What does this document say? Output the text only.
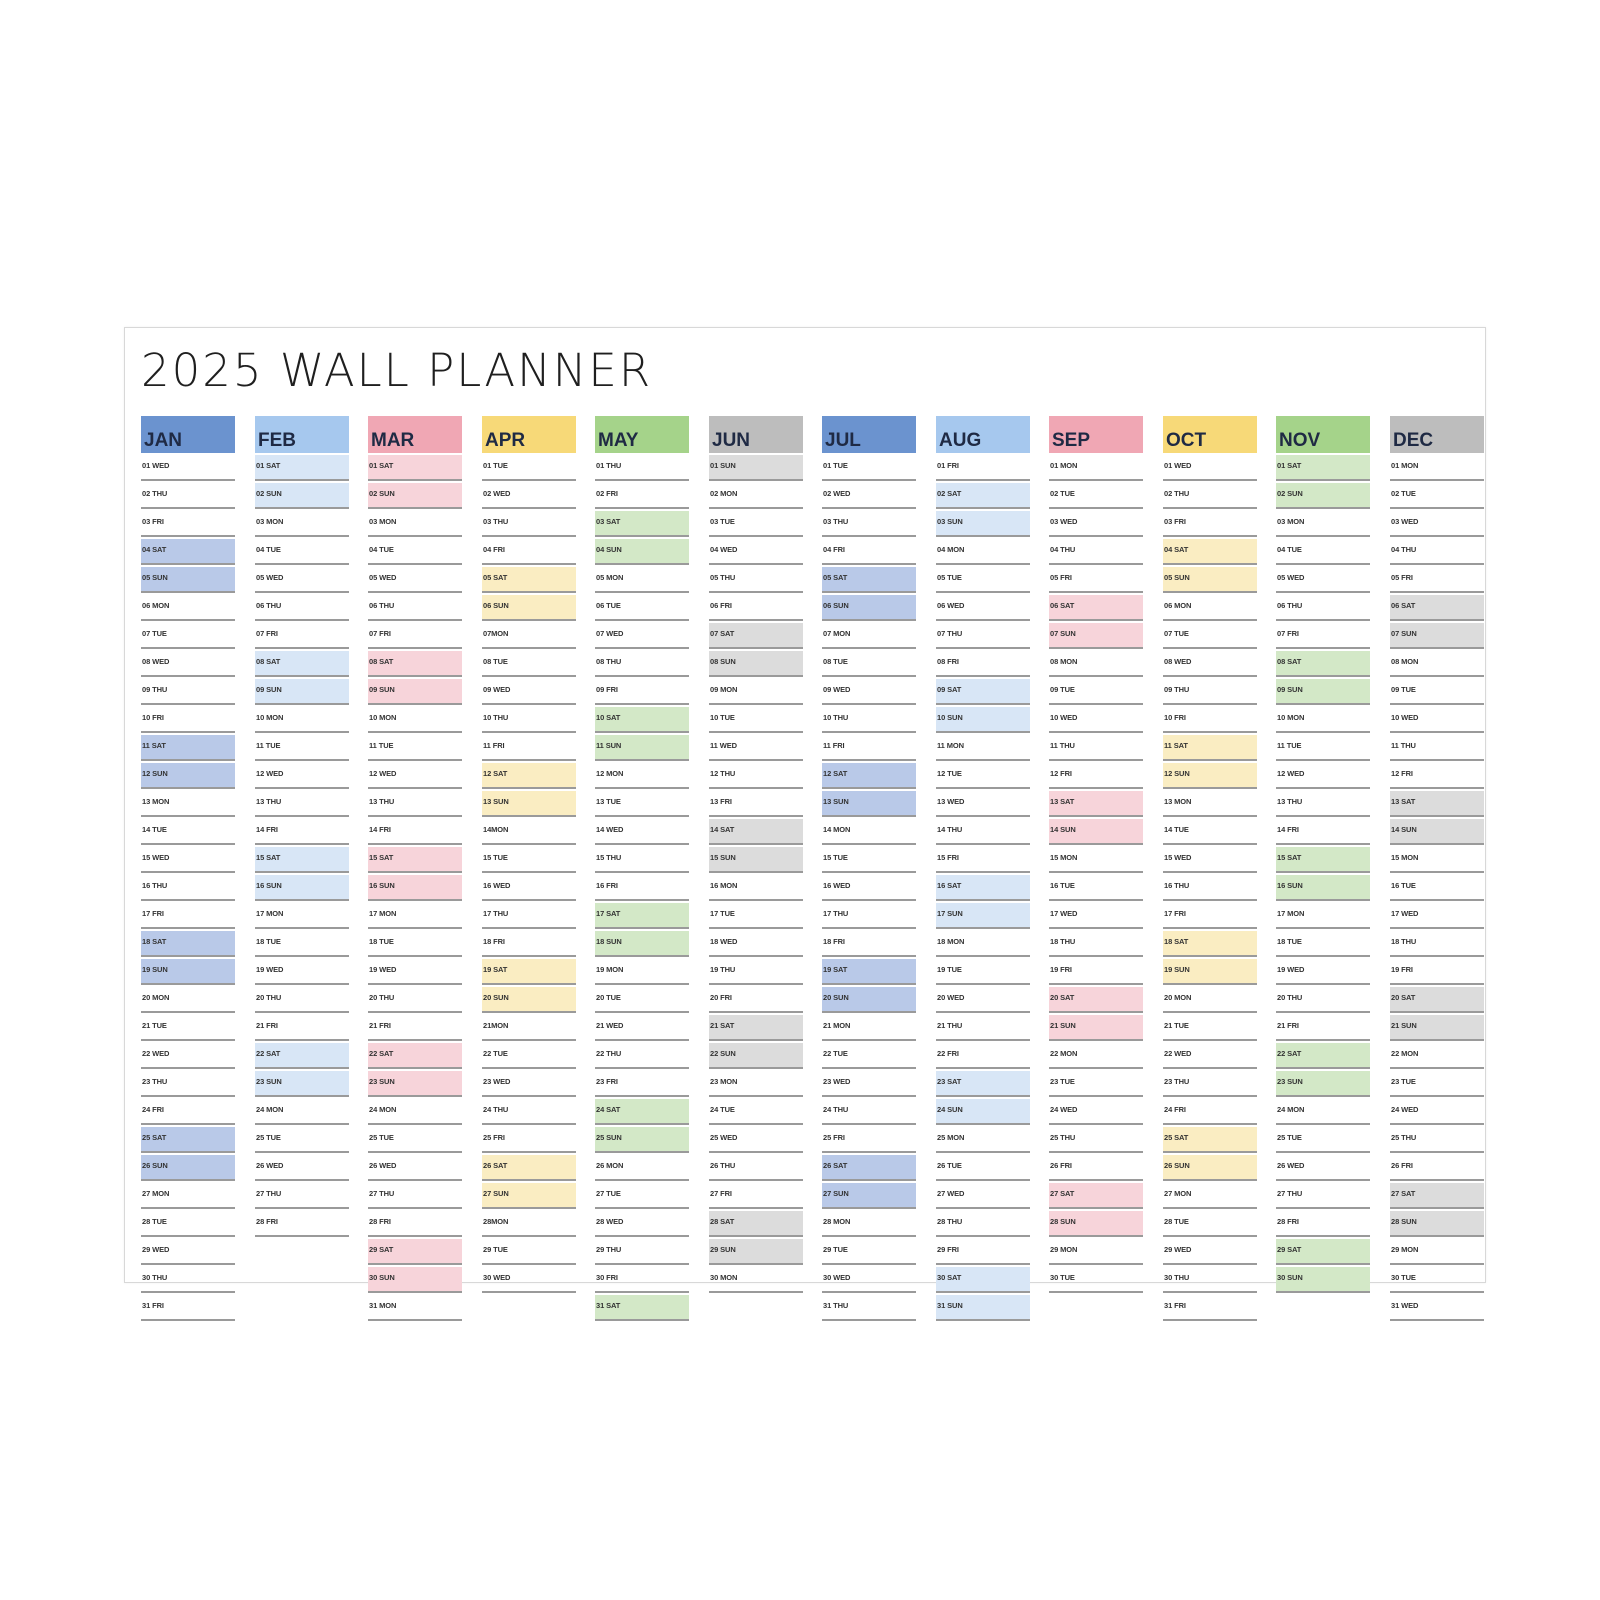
2025 WALL PLANNER
JAN
01 WED
02 THU
03 FRI
04 SAT
05 SUN
06 MON
07 TUE
08 WED
09 THU
10 FRI
11 SAT
12 SUN
13 MON
14 TUE
15 WED
16 THU
17 FRI
18 SAT
19 SUN
20 MON
21 TUE
22 WED
23 THU
24 FRI
25 SAT
26 SUN
27 MON
28 TUE
29 WED
30 THU
31 FRI
FEB
01 SAT
02 SUN
03 MON
04 TUE
05 WED
06 THU
07 FRI
08 SAT
09 SUN
10 MON
11 TUE
12 WED
13 THU
14 FRI
15 SAT
16 SUN
17 MON
18 TUE
19 WED
20 THU
21 FRI
22 SAT
23 SUN
24 MON
25 TUE
26 WED
27 THU
28 FRI
MAR
01 SAT
02 SUN
03 MON
04 TUE
05 WED
06 THU
07 FRI
08 SAT
09 SUN
10 MON
11 TUE
12 WED
13 THU
14 FRI
15 SAT
16 SUN
17 MON
18 TUE
19 WED
20 THU
21 FRI
22 SAT
23 SUN
24 MON
25 TUE
26 WED
27 THU
28 FRI
29 SAT
30 SUN
31 MON
APR
01 TUE
02 WED
03 THU
04 FRI
05 SAT
06 SUN
07MON
08 TUE
09 WED
10 THU
11 FRI
12 SAT
13 SUN
14MON
15 TUE
16 WED
17 THU
18 FRI
19 SAT
20 SUN
21MON
22 TUE
23 WED
24 THU
25 FRI
26 SAT
27 SUN
28MON
29 TUE
30 WED
MAY
01 THU
02 FRI
03 SAT
04 SUN
05 MON
06 TUE
07 WED
08 THU
09 FRI
10 SAT
11 SUN
12 MON
13 TUE
14 WED
15 THU
16 FRI
17 SAT
18 SUN
19 MON
20 TUE
21 WED
22 THU
23 FRI
24 SAT
25 SUN
26 MON
27 TUE
28 WED
29 THU
30 FRI
31 SAT
JUN
01 SUN
02 MON
03 TUE
04 WED
05 THU
06 FRI
07 SAT
08 SUN
09 MON
10 TUE
11 WED
12 THU
13 FRI
14 SAT
15 SUN
16 MON
17 TUE
18 WED
19 THU
20 FRI
21 SAT
22 SUN
23 MON
24 TUE
25 WED
26 THU
27 FRI
28 SAT
29 SUN
30 MON
JUL
01 TUE
02 WED
03 THU
04 FRI
05 SAT
06 SUN
07 MON
08 TUE
09 WED
10 THU
11 FRI
12 SAT
13 SUN
14 MON
15 TUE
16 WED
17 THU
18 FRI
19 SAT
20 SUN
21 MON
22 TUE
23 WED
24 THU
25 FRI
26 SAT
27 SUN
28 MON
29 TUE
30 WED
31 THU
AUG
01 FRI
02 SAT
03 SUN
04 MON
05 TUE
06 WED
07 THU
08 FRI
09 SAT
10 SUN
11 MON
12 TUE
13 WED
14 THU
15 FRI
16 SAT
17 SUN
18 MON
19 TUE
20 WED
21 THU
22 FRI
23 SAT
24 SUN
25 MON
26 TUE
27 WED
28 THU
29 FRI
30 SAT
31 SUN
SEP
01 MON
02 TUE
03 WED
04 THU
05 FRI
06 SAT
07 SUN
08 MON
09 TUE
10 WED
11 THU
12 FRI
13 SAT
14 SUN
15 MON
16 TUE
17 WED
18 THU
19 FRI
20 SAT
21 SUN
22 MON
23 TUE
24 WED
25 THU
26 FRI
27 SAT
28 SUN
29 MON
30 TUE
OCT
01 WED
02 THU
03 FRI
04 SAT
05 SUN
06 MON
07 TUE
08 WED
09 THU
10 FRI
11 SAT
12 SUN
13 MON
14 TUE
15 WED
16 THU
17 FRI
18 SAT
19 SUN
20 MON
21 TUE
22 WED
23 THU
24 FRI
25 SAT
26 SUN
27 MON
28 TUE
29 WED
30 THU
31 FRI
NOV
01 SAT
02 SUN
03 MON
04 TUE
05 WED
06 THU
07 FRI
08 SAT
09 SUN
10 MON
11 TUE
12 WED
13 THU
14 FRI
15 SAT
16 SUN
17 MON
18 TUE
19 WED
20 THU
21 FRI
22 SAT
23 SUN
24 MON
25 TUE
26 WED
27 THU
28 FRI
29 SAT
30 SUN
DEC
01 MON
02 TUE
03 WED
04 THU
05 FRI
06 SAT
07 SUN
08 MON
09 TUE
10 WED
11 THU
12 FRI
13 SAT
14 SUN
15 MON
16 TUE
17 WED
18 THU
19 FRI
20 SAT
21 SUN
22 MON
23 TUE
24 WED
25 THU
26 FRI
27 SAT
28 SUN
29 MON
30 TUE
31 WED
